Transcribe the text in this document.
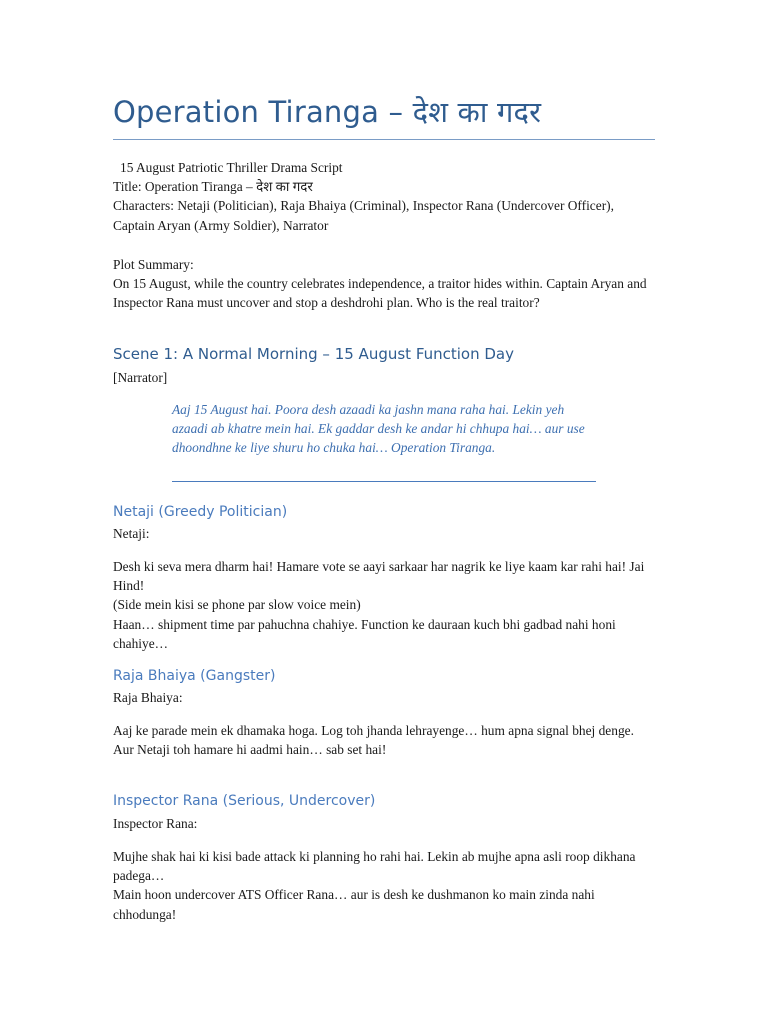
Operation Tiranga – देश का गदर

15 August Patriotic Thriller Drama Script

Title: Operation Tiranga – देश का गदर

Characters: Netaji (Politician), Raja Bhaiya (Criminal), Inspector Rana (Undercover Officer), Captain Aryan (Army Soldier), Narrator

Plot Summary:

On 15 August, while the country celebrates independence, a traitor hides within. Captain Aryan and Inspector Rana must uncover and stop a deshdrohi plan. Who is the real traitor?

Scene 1: A Normal Morning – 15 August Function Day
[Narrator]
Aaj 15 August hai. Poora desh azaadi ka jashn mana raha hai. Lekin yeh azaadi ab khatre mein hai. Ek gaddar desh ke andar hi chhupa hai… aur use dhoondhne ke liye shuru ho chuka hai… Operation Tiranga.
Netaji (Greedy Politician)
Netaji:

Desh ki seva mera dharm hai! Hamare vote se aayi sarkaar har nagrik ke liye kaam kar rahi hai! Jai Hind!

(Side mein kisi se phone par slow voice mein)

Haan… shipment time par pahuchna chahiye. Function ke dauraan kuch bhi gadbad nahi honi chahiye…

Raja Bhaiya (Gangster)
Raja Bhaiya:

Aaj ke parade mein ek dhamaka hoga. Log toh jhanda lehrayenge… hum apna signal bhej denge.

Aur Netaji toh hamare hi aadmi hain… sab set hai!

Inspector Rana (Serious, Undercover)
Inspector Rana:

Mujhe shak hai ki kisi bade attack ki planning ho rahi hai. Lekin ab mujhe apna asli roop dikhana padega…

Main hoon undercover ATS Officer Rana… aur is desh ke dushmanon ko main zinda nahi chhodunga!
